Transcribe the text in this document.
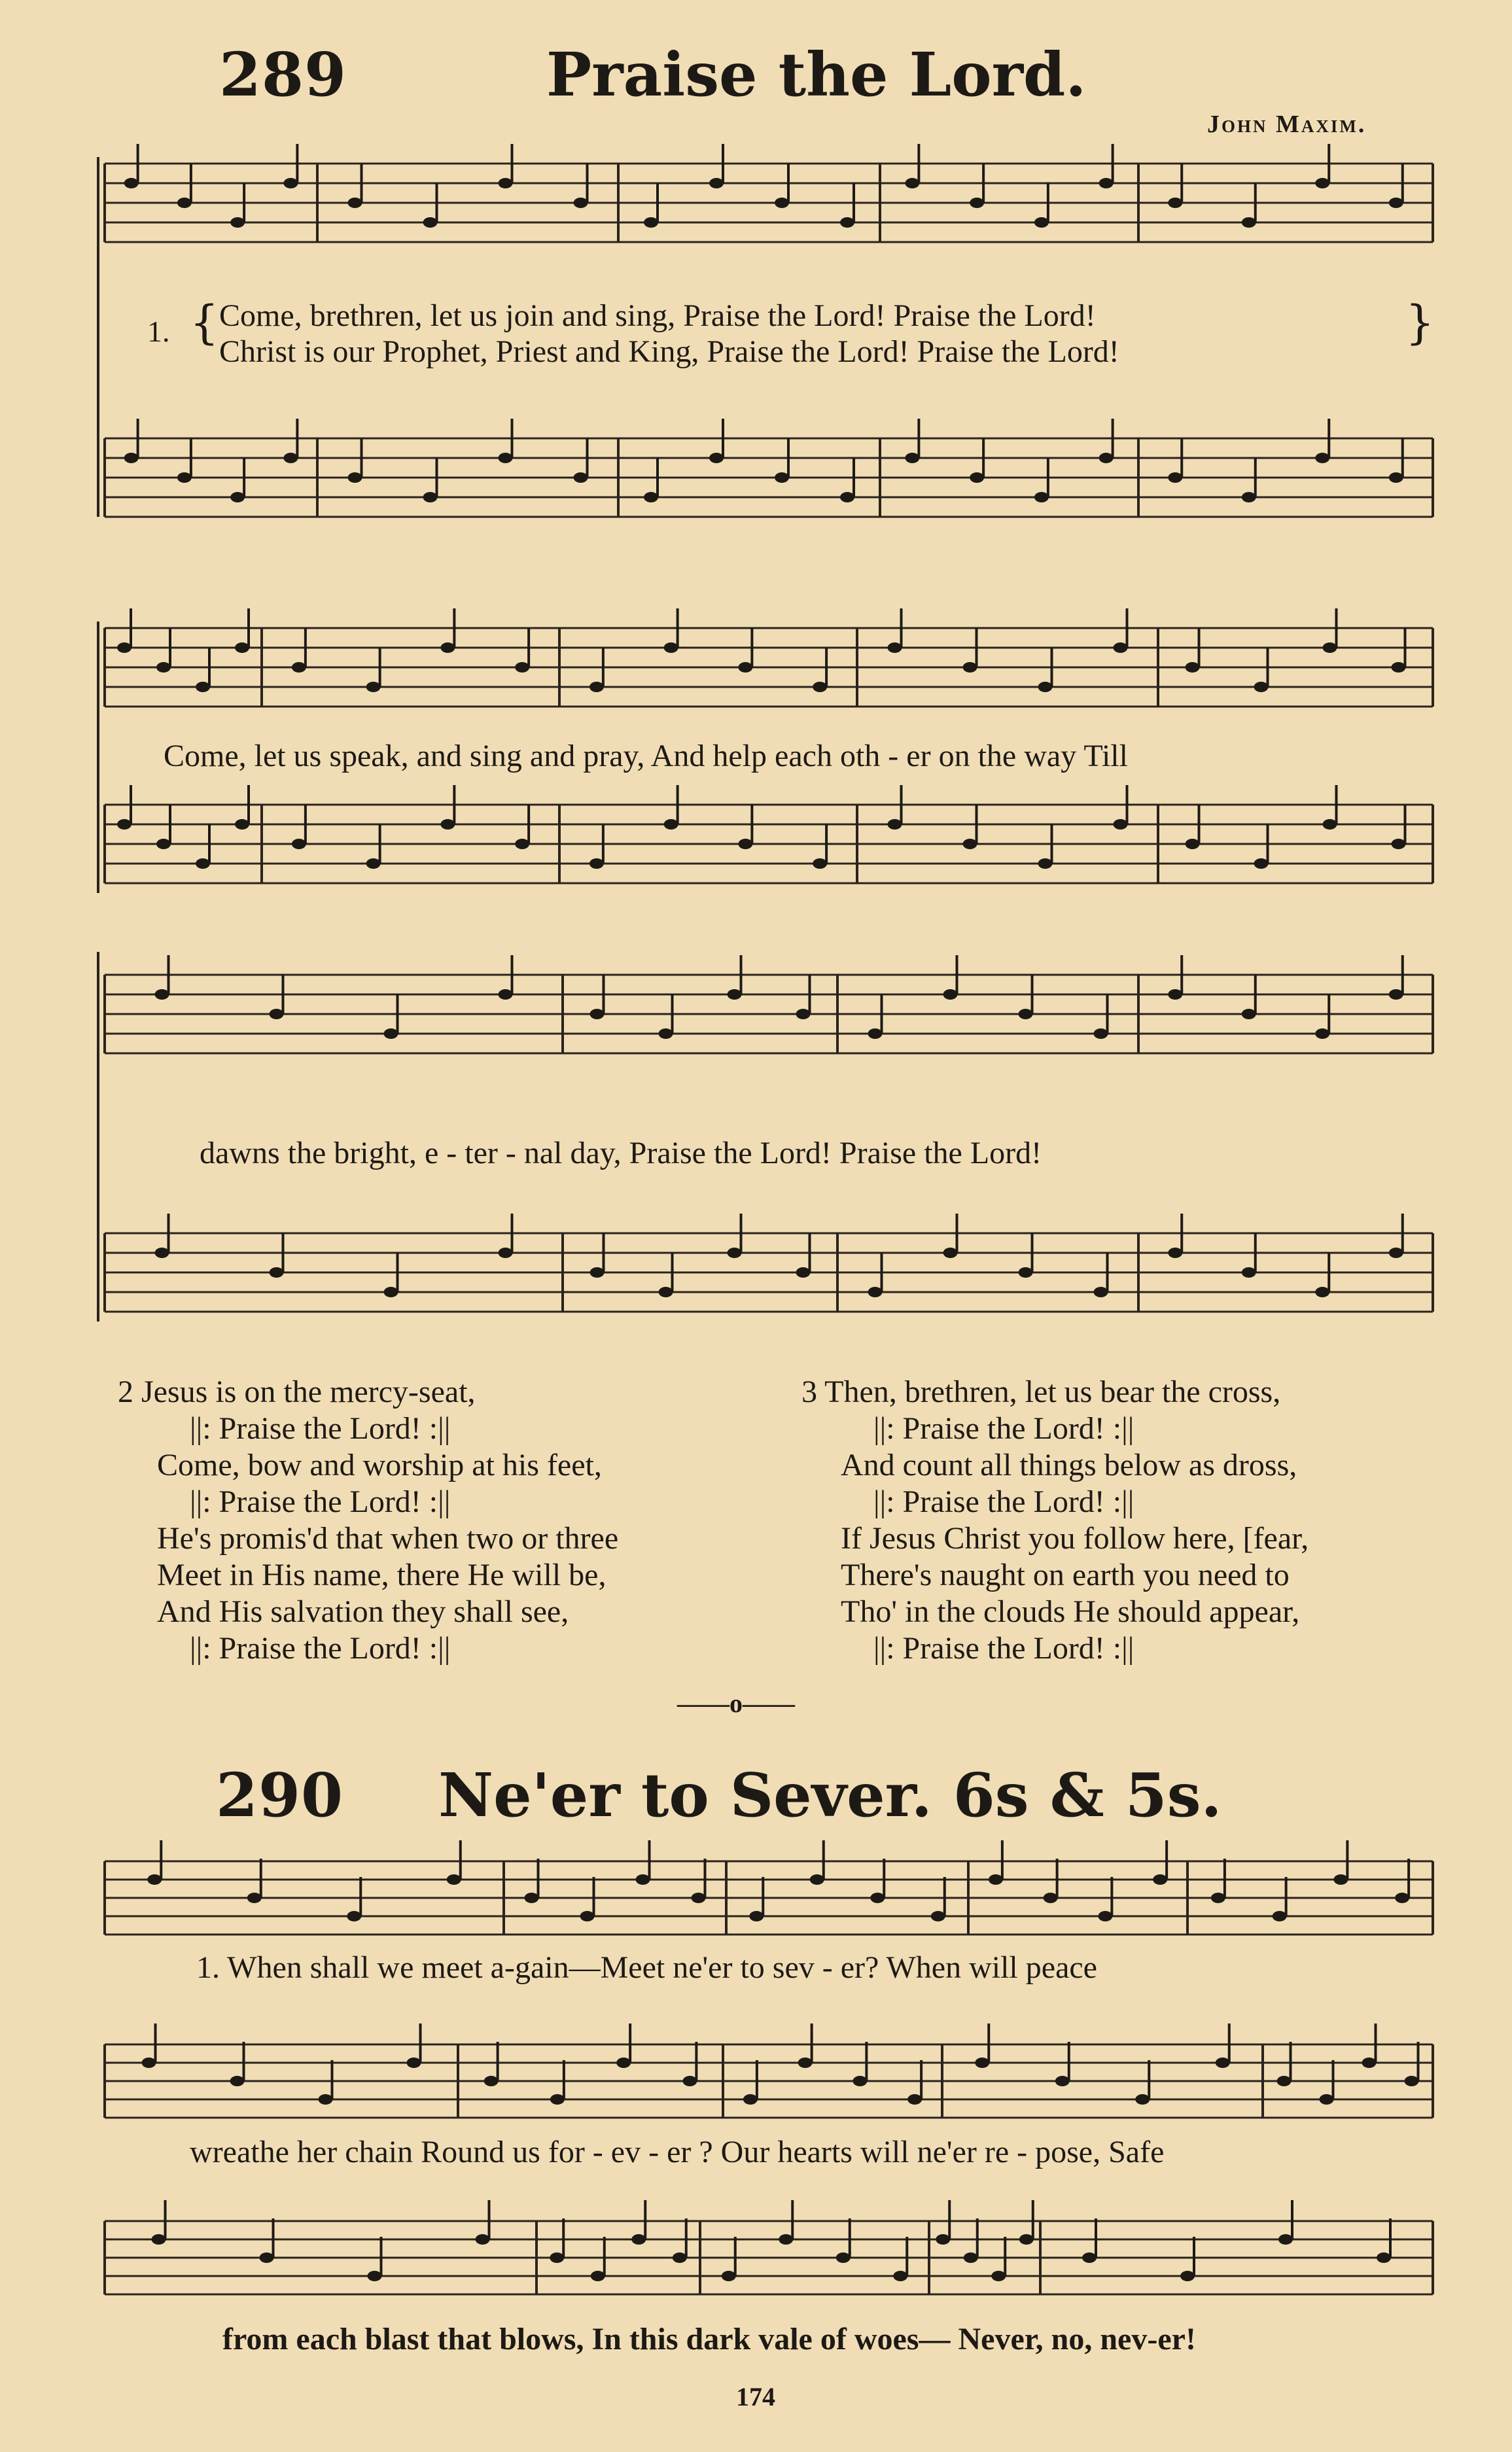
289	Praise the Lord.
John Maxim.
1. { Come, brethren, let us join and sing, Praise the Lord! Praise the Lord!
Christ is our Prophet, Priest and King, Praise the Lord! Praise the Lord!
}
Come, let us speak, and sing and pray, And help each oth - er on the way Till
dawns the bright, e - ter - nal day, Praise the Lord! Praise the Lord!
2 Jesus is on the mercy-seat,
||: Praise the Lord! :||
Come, bow and worship at his feet,
||: Praise the Lord! :||
He's promis'd that when two or three
Meet in His name, there He will be,
And His salvation they shall see,
||: Praise the Lord! :||
3 Then, brethren, let us bear the cross,
||: Praise the Lord! :||
And count all things below as dross,
||: Praise the Lord! :||
If Jesus Christ you follow here, [fear,
There's naught on earth you need to
Tho' in the clouds He should appear,
||: Praise the Lord! :||
——o——
290 Ne'er to Sever. 6s & 5s.
1. When shall we meet a-gain—Meet ne'er to sev - er? When will peace
wreathe her chain Round us for - ev - er ? Our hearts will ne'er re - pose, Safe
from each blast that blows, In this dark vale of woes— Never, no, nev-er!
174
